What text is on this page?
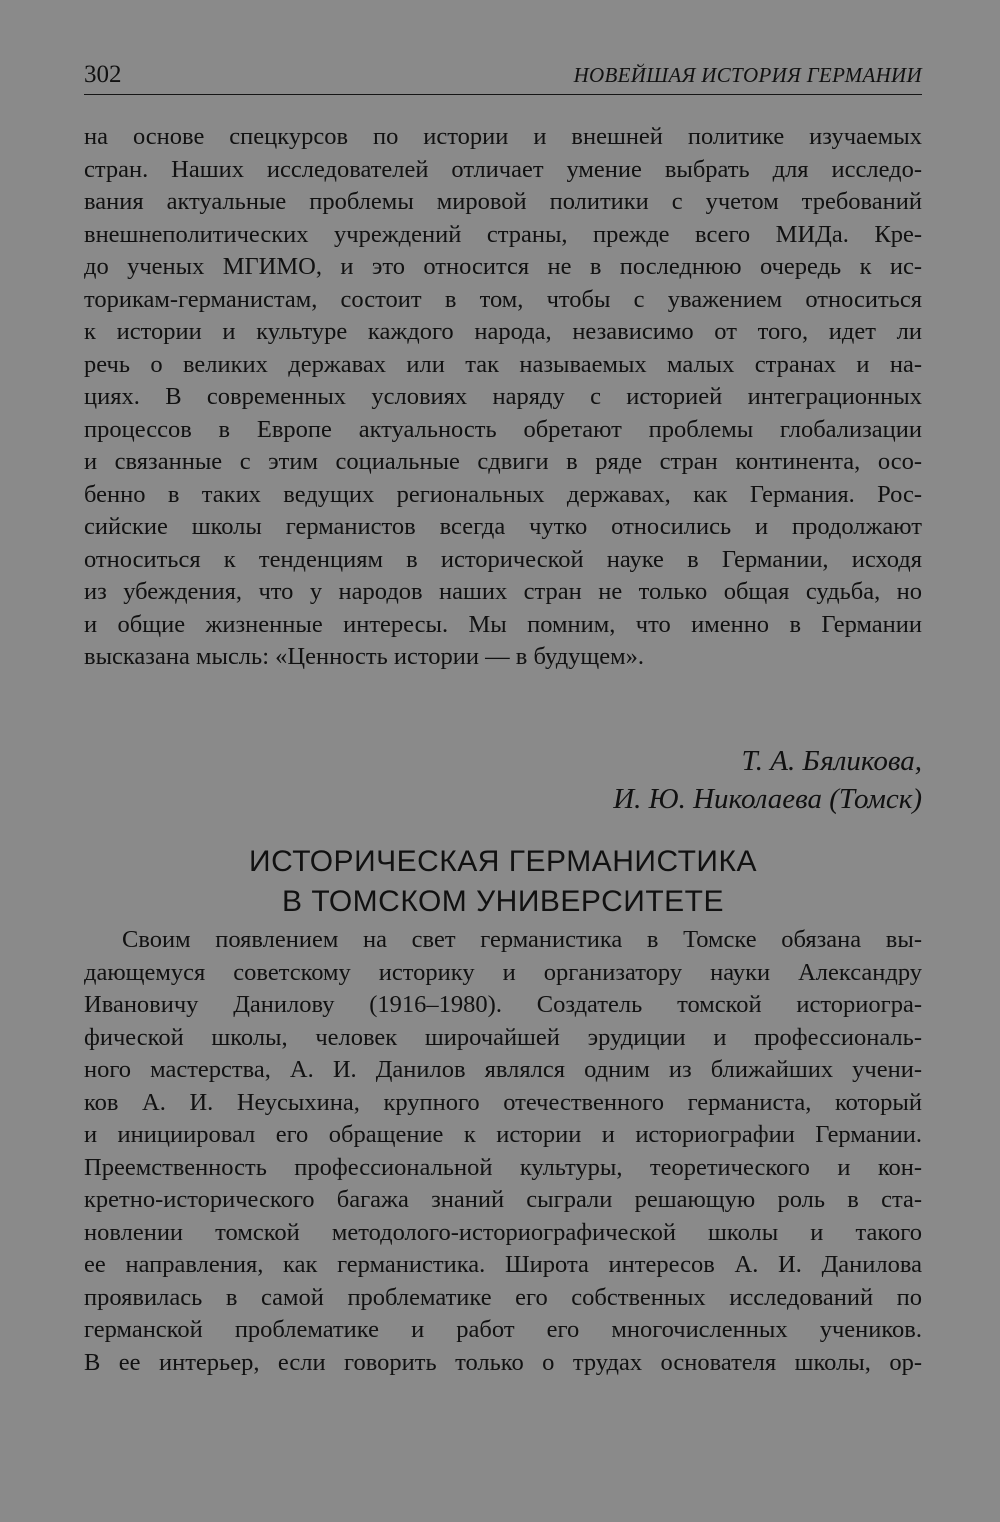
302	НОВЕЙШАЯ ИСТОРИЯ ГЕРМАНИИ
на основе спецкурсов по истории и внешней политике изучаемых
стран. Наших исследователей отличает умение выбрать для исследо-
вания актуальные проблемы мировой политики с учетом требований
внешнеполитических учреждений страны, прежде всего МИДа. Кре-
до ученых МГИМО, и это относится не в последнюю очередь к ис-
торикам-германистам, состоит в том, чтобы с уважением относиться
к истории и культуре каждого народа, независимо от того, идет ли
речь о великих державах или так называемых малых странах и на-
циях. В современных условиях наряду с историей интеграционных
процессов в Европе актуальность обретают проблемы глобализации
и связанные с этим социальные сдвиги в ряде стран континента, осо-
бенно в таких ведущих региональных державах, как Германия. Рос-
сийские школы германистов всегда чутко относились и продолжают
относиться к тенденциям в исторической науке в Германии, исходя
из убеждения, что у народов наших стран не только общая судьба, но
и общие жизненные интересы. Мы помним, что именно в Германии
высказана мысль: «Ценность истории — в будущем».
Т. А. Бяликова,
И. Ю. Николаева (Томск)
ИСТОРИЧЕСКАЯ ГЕРМАНИСТИКА
В ТОМСКОМ УНИВЕРСИТЕТЕ
Своим появлением на свет германистика в Томске обязана вы-
дающемуся советскому историку и организатору науки Александру
Ивановичу Данилову (1916–1980). Создатель томской историогра-
фической школы, человек широчайшей эрудиции и профессиональ-
ного мастерства, А. И. Данилов являлся одним из ближайших учени-
ков А. И. Неусыхина, крупного отечественного германиста, который
и инициировал его обращение к истории и историографии Германии.
Преемственность профессиональной культуры, теоретического и кон-
кретно-исторического багажа знаний сыграли решающую роль в ста-
новлении томской методолого-историографической школы и такого
ее направления, как германистика. Широта интересов А. И. Данилова
проявилась в самой проблематике его собственных исследований по
германской проблематике и работ его многочисленных учеников.
В ее интерьер, если говорить только о трудах основателя школы, ор-
